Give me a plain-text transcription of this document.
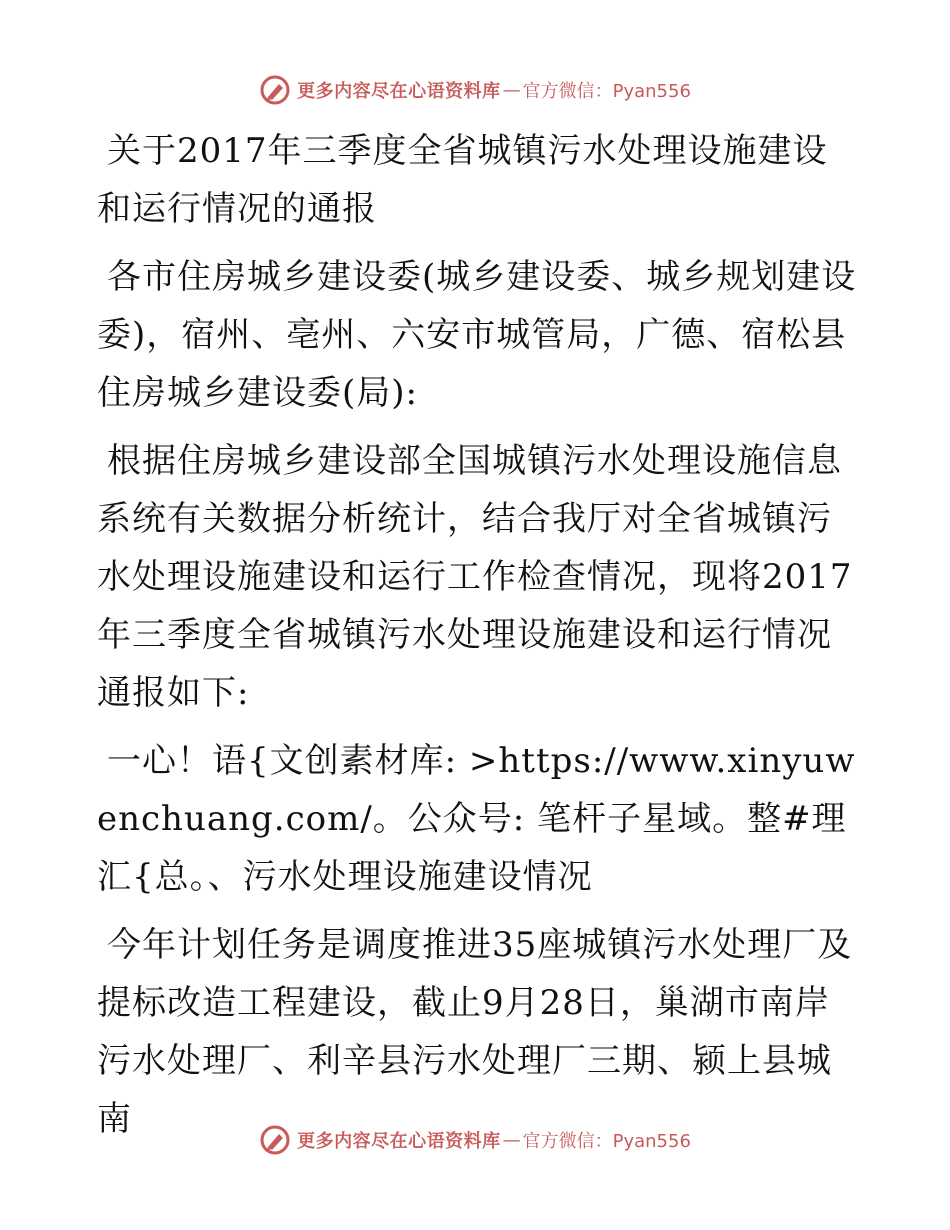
更多内容尽在心语资料库 — 官方微信：Pyan556

关于2017年三季度全省城镇污水处理设施建设和运行情况的通报

各市住房城乡建设委(城乡建设委、城乡规划建设委)，宿州、亳州、六安市城管局，广德、宿松县住房城乡建设委(局):

根据住房城乡建设部全国城镇污水处理设施信息系统有关数据分析统计，结合我厅对全省城镇污水处理设施建设和运行工作检查情况，现将2017年三季度全省城镇污水处理设施建设和运行情况通报如下:

一心！语{文创素材库: >https://www.xinyuwenchuang.com/。公众号: 笔杆子星域。整#理汇{总。、污水处理设施建设情况

今年计划任务是调度推进35座城镇污水处理厂及提标改造工程建设，截止9月28日，巢湖市南岸污水处理厂、利辛县污水处理厂三期、颍上县城南

更多内容尽在心语资料库 — 官方微信：Pyan556
